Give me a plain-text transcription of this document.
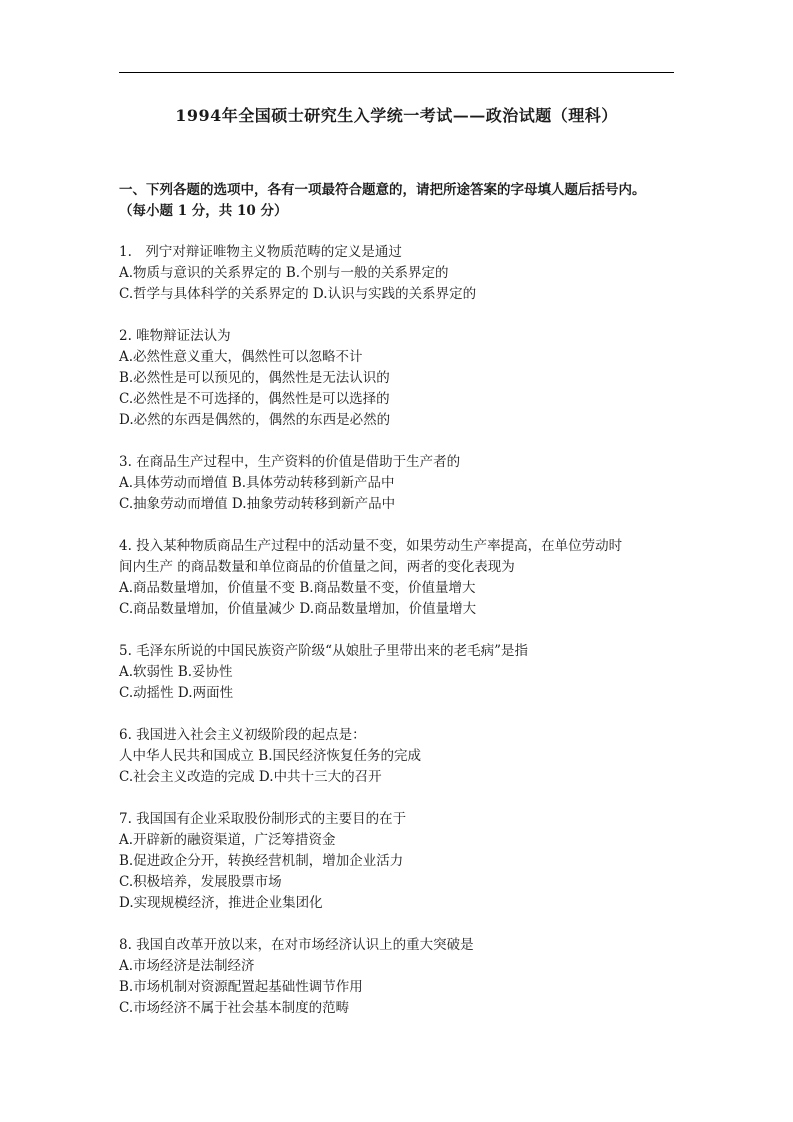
1994年全国硕士研究生入学统一考试——政治试题（理科）
一、下列各题的选项中，各有一项最符合题意的，请把所途答案的字母填人题后括号内。
（每小题 1 分，共 10 分）
1.　列宁对辩证唯物主义物质范畴的定义是通过
A.物质与意识的关系界定的 B.个别与一般的关系界定的
C.哲学与具体科学的关系界定的 D.认识与实践的关系界定的
2. 唯物辩证法认为
A.必然性意义重大，偶然性可以忽略不计
B.必然性是可以预见的，偶然性是无法认识的
C.必然性是不可选择的，偶然性是可以选择的
D.必然的东西是偶然的，偶然的东西是必然的
3. 在商品生产过程中，生产资料的价值是借助于生产者的
A.具体劳动而增值 B.具体劳动转移到新产品中
C.抽象劳动而增值 D.抽象劳动转移到新产品中
4. 投入某种物质商品生产过程中的活动量不变，如果劳动生产率提高，在单位劳动时
间内生产 的商品数量和单位商品的价值量之间，两者的变化表现为
A.商品数量增加，价值量不变 B.商品数量不变，价值量增大
C.商品数量增加，价值量减少 D.商品数量增加，价值量增大
5. 毛泽东所说的中国民族资产阶级“从娘肚子里带出来的老毛病”是指
A.软弱性 B.妥协性
C.动摇性 D.两面性
6. 我国进入社会主义初级阶段的起点是：
人中华人民共和国成立 B.国民经济恢复任务的完成
C.社会主义改造的完成 D.中共十三大的召开
7. 我国国有企业采取股份制形式的主要目的在于
A.开辟新的融资渠道，广泛筹措资金
B.促进政企分开，转换经营机制，增加企业活力
C.积极培养，发展股票市场
D.实现规模经济，推进企业集团化
8. 我国自改革开放以来，在对市场经济认识上的重大突破是
A.市场经济是法制经济
B.市场机制对资源配置起基础性调节作用
C.市场经济不属于社会基本制度的范畴
